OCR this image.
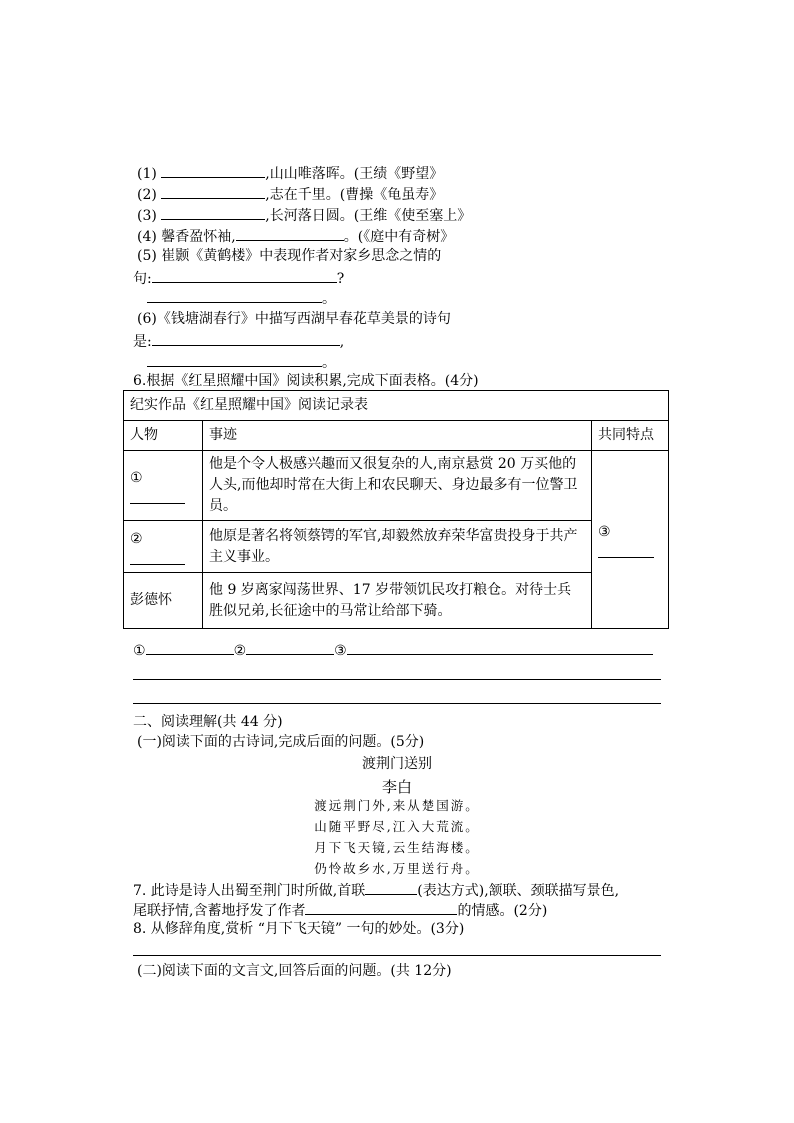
(1)	,山山唯落晖。(王绩《野望》
(2)	,志在千里。(曹操《龟虽寿》
(3)	,长河落日圆。(王维《使至塞上》
(4) 馨香盈怀袖,	。(《庭中有奇树》
(5) 崔颢《黄鹤楼》中表现作者对家乡思念之情的
句:	?
。
(6)《钱塘湖春行》中描写西湖早春花草美景的诗句
是:	,
。
6.根据《红星照耀中国》阅读积累,完成下面表格。(4分)
纪实作品《红星照耀中国》阅读记录表		
人物	事迹	共同特点

①	他是个令人极感兴趣而又很复杂的人,南京悬赏 20 万买他的人头,而他却时常在大街上和农民聊天、身边最多有一位警卫员。	③

②	他原是著名将领蔡锷的军官,却毅然放弃荣华富贵投身于共产主义事业。	
彭德怀	他 9 岁离家闯荡世界、17 岁带领饥民攻打粮仓。对待士兵胜似兄弟,长征途中的马常让给部下骑。	
①	②	③
二、阅读理解(共 44 分)
(一)阅读下面的古诗词,完成后面的问题。(5分)
渡荆门送别
李白
渡远荆门外,来从楚国游。
山随平野尽,江入大荒流。
月下飞天镜,云生结海楼。
仍怜故乡水,万里送行舟。
7. 此诗是诗人出蜀至荆门时所做,首联	(表达方式),颔联、颈联描写景色,
尾联抒情,含蓄地抒发了作者	的情感。(2分)
8. 从修辞角度,赏析 “月下飞天镜” 一句的妙处。(3分)
(二)阅读下面的文言文,回答后面的问题。(共 12分)
